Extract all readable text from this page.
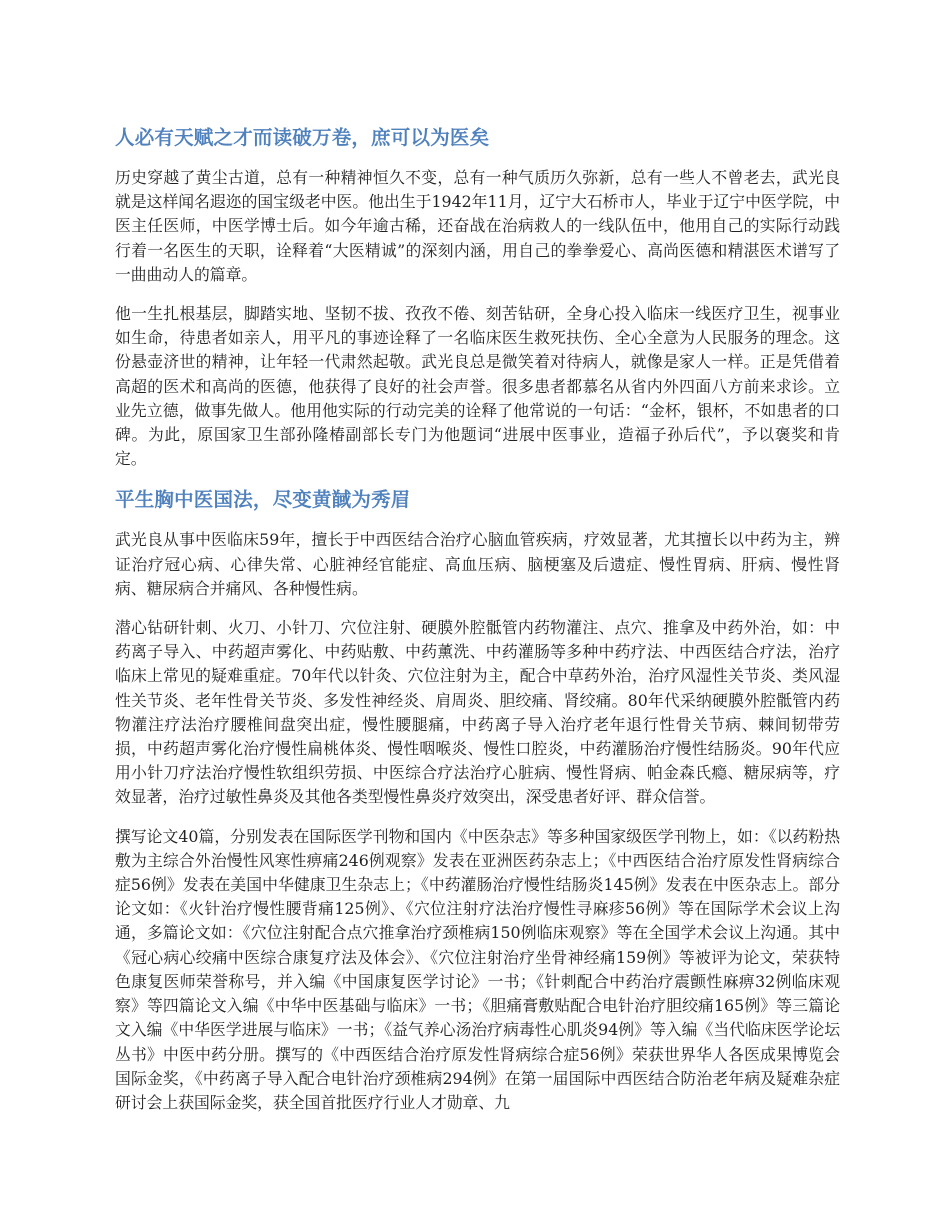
人必有天赋之才而读破万卷，庶可以为医矣

历史穿越了黄尘古道，总有一种精神恒久不变，总有一种气质历久弥新，总有一些人不曾老去，武光良就是这样闻名遐迩的国宝级老中医。他出生于1942年11月，辽宁大石桥市人，毕业于辽宁中医学院，中医主任医师，中医学博士后。如今年逾古稀，还奋战在治病救人的一线队伍中，他用自己的实际行动践行着一名医生的天职，诠释着“大医精诚”的深刻内涵，用自己的拳拳爱心、高尚医德和精湛医术谱写了一曲曲动人的篇章。

他一生扎根基层，脚踏实地、坚韧不拔、孜孜不倦、刻苦钻研，全身心投入临床一线医疗卫生，视事业如生命，待患者如亲人，用平凡的事迹诠释了一名临床医生救死扶伤、全心全意为人民服务的理念。这份悬壶济世的精神，让年轻一代肃然起敬。武光良总是微笑着对待病人，就像是家人一样。正是凭借着高超的医术和高尚的医德，他获得了良好的社会声誉。很多患者都慕名从省内外四面八方前来求诊。立业先立德，做事先做人。他用他实际的行动完美的诠释了他常说的一句话：“金杯，银杯，不如患者的口碑。为此，原国家卫生部孙隆椿副部长专门为他题词“进展中医事业，造福子孙后代”，予以褒奖和肯定。

平生胸中医国法，尽变黄馘为秀眉

武光良从事中医临床59年，擅长于中西医结合治疗心脑血管疾病，疗效显著，尤其擅长以中药为主，辨证治疗冠心病、心律失常、心脏神经官能症、高血压病、脑梗塞及后遗症、慢性胃病、肝病、慢性肾病、糖尿病合并痛风、各种慢性病。

潜心钻研针刺、火刀、小针刀、穴位注射、硬膜外腔骶管内药物灌注、点穴、推拿及中药外治，如：中药离子导入、中药超声雾化、中药贴敷、中药薰洗、中药灌肠等多种中药疗法、中西医结合疗法，治疗临床上常见的疑难重症。70年代以针灸、穴位注射为主，配合中草药外治，治疗风湿性关节炎、类风湿性关节炎、老年性骨关节炎、多发性神经炎、肩周炎、胆绞痛、肾绞痛。80年代采纳硬膜外腔骶管内药物灌注疗法治疗腰椎间盘突出症，慢性腰腿痛，中药离子导入治疗老年退行性骨关节病、棘间韧带劳损，中药超声雾化治疗慢性扁桃体炎、慢性咽喉炎、慢性口腔炎，中药灌肠治疗慢性结肠炎。90年代应用小针刀疗法治疗慢性软组织劳损、中医综合疗法治疗心脏病、慢性肾病、帕金森氏瘾、糖尿病等，疗效显著，治疗过敏性鼻炎及其他各类型慢性鼻炎疗效突出，深受患者好评、群众信誉。

撰写论文40篇，分别发表在国际医学刊物和国内《中医杂志》等多种国家级医学刊物上，如：《以药粉热敷为主综合外治慢性风寒性痹痛246例观察》发表在亚洲医药杂志上；《中西医结合治疗原发性肾病综合症56例》发表在美国中华健康卫生杂志上；《中药灌肠治疗慢性结肠炎145例》发表在中医杂志上。部分论文如：《火针治疗慢性腰背痛125例》、《穴位注射疗法治疗慢性寻麻疹56例》等在国际学术会议上沟通，多篇论文如：《穴位注射配合点穴推拿治疗颈椎病150例临床观察》等在全国学术会议上沟通。其中《冠心病心绞痛中医综合康复疗法及体会》、《穴位注射治疗坐骨神经痛159例》等被评为论文，荣获特色康复医师荣誉称号，并入编《中国康复医学讨论》一书；《针刺配合中药治疗震颤性麻痹32例临床观察》等四篇论文入编《中华中医基础与临床》一书；《胆痛膏敷贴配合电针治疗胆绞痛165例》等三篇论文入编《中华医学进展与临床》一书；《益气养心汤治疗病毒性心肌炎94例》等入编《当代临床医学论坛丛书》中医中药分册。撰写的《中西医结合治疗原发性肾病综合症56例》荣获世界华人各医成果博览会国际金奖，《中药离子导入配合电针治疗颈椎病294例》在第一届国际中西医结合防治老年病及疑难杂症研讨会上获国际金奖，获全国首批医疗行业人才勋章、九
